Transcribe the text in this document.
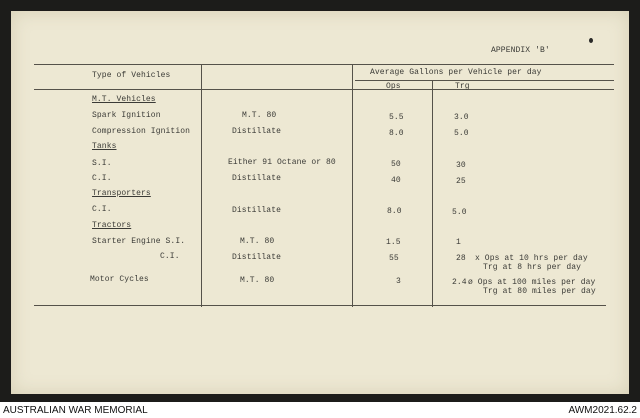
APPENDIX 'B'
Type of Vehicles	Average Gallons per Vehicle per day
Ops	Trg
M.T. Vehicles
Spark Ignition	M.T. 80	5.5	3.0
Compression Ignition	Distillate	8.0	5.0
Tanks
S.I.	Either 91 Octane or 80	50	30
C.I.	Distillate	40	25
Transporters
C.I.	Distillate	8.0	5.0
Tractors
Starter Engine S.I.	M.T. 80	1.5	1
C.I.	Distillate	55	28 x Ops at 10 hrs per day
Trg at 8 hrs per day
Motor Cycles	M.T. 80	3	2.4 ø Ops at 100 miles per day
Trg at 80 miles per day
AUSTRALIAN WAR MEMORIAL	AWM2021.62.2
